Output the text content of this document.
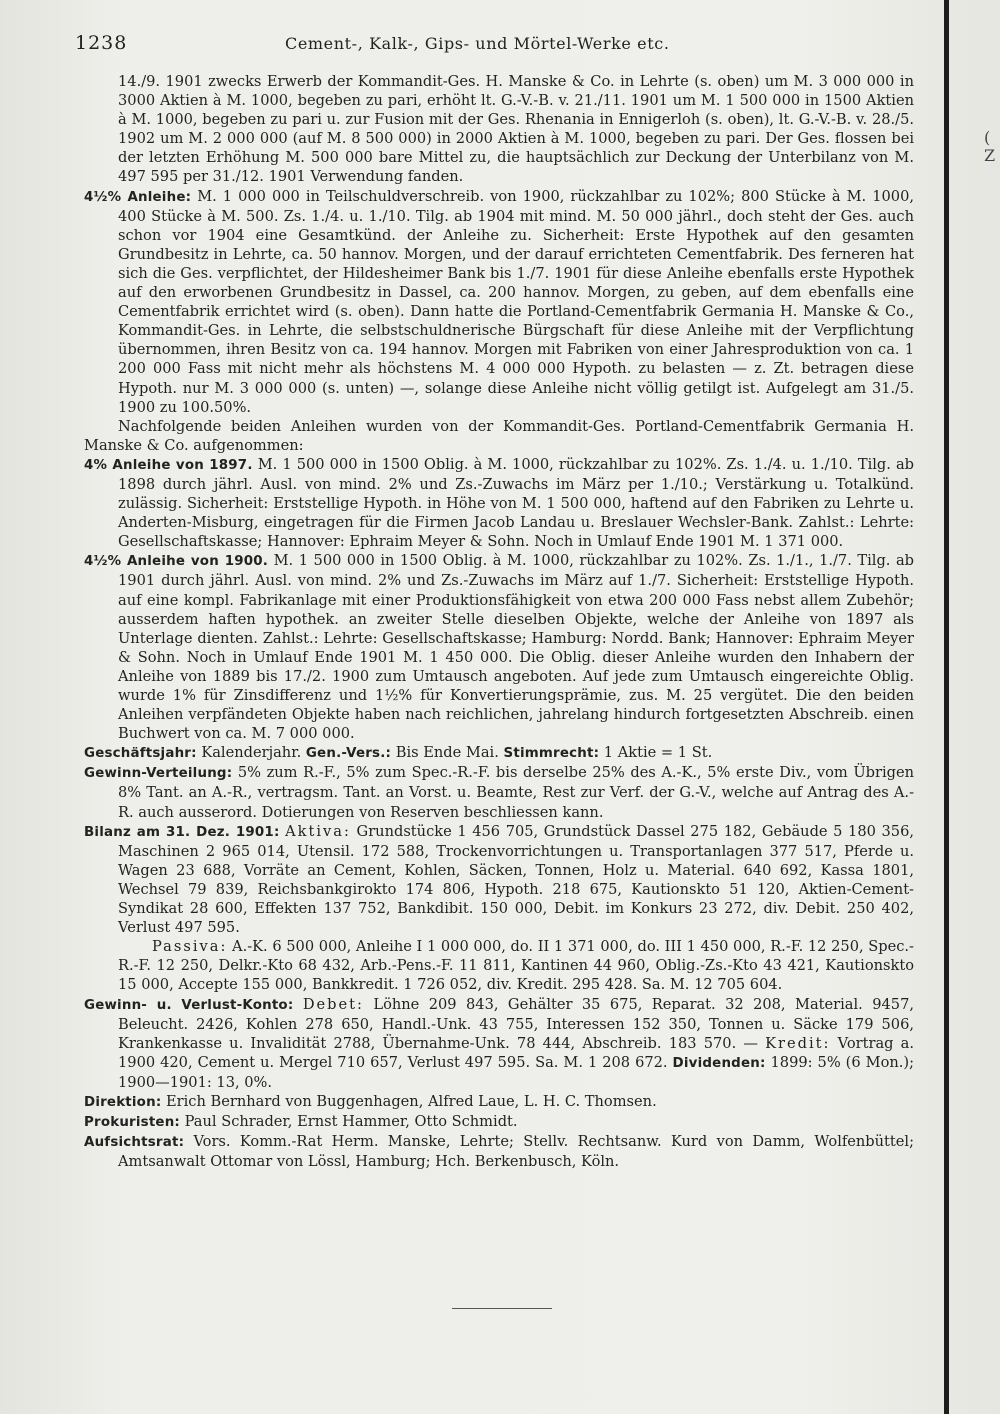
(
Z
1238	Cement-, Kalk-, Gips- und Mörtel-Werke etc.

14./9. 1901 zwecks Erwerb der Kommandit-Ges. H. Manske & Co. in Lehrte (s. oben) um M. 3 000 000 in 3000 Aktien à M. 1000, begeben zu pari, erhöht lt. G.-V.-B. v. 21./11. 1901 um M. 1 500 000 in 1500 Aktien à M. 1000, begeben zu pari u. zur Fusion mit der Ges. Rhenania in Ennigerloh (s. oben), lt. G.-V.-B. v. 28./5. 1902 um M. 2 000 000 (auf M. 8 500 000) in 2000 Aktien à M. 1000, begeben zu pari. Der Ges. flossen bei der letzten Erhöhung M. 500 000 bare Mittel zu, die hauptsächlich zur Deckung der Unterbilanz von M. 497 595 per 31./12. 1901 Verwendung fanden.

4½% Anleihe: M. 1 000 000 in Teilschuldverschreib. von 1900, rückzahlbar zu 102%; 800 Stücke à M. 1000, 400 Stücke à M. 500. Zs. 1./4. u. 1./10. Tilg. ab 1904 mit mind. M. 50 000 jährl., doch steht der Ges. auch schon vor 1904 eine Gesamtkünd. der Anleihe zu. Sicherheit: Erste Hypothek auf den gesamten Grundbesitz in Lehrte, ca. 50 hannov. Morgen, und der darauf errichteten Cementfabrik. Des ferneren hat sich die Ges. verpflichtet, der Hildesheimer Bank bis 1./7. 1901 für diese Anleihe ebenfalls erste Hypothek auf den erworbenen Grundbesitz in Dassel, ca. 200 hannov. Morgen, zu geben, auf dem ebenfalls eine Cementfabrik errichtet wird (s. oben). Dann hatte die Portland-Cementfabrik Germania H. Manske & Co., Kommandit-Ges. in Lehrte, die selbstschuldnerische Bürgschaft für diese Anleihe mit der Verpflichtung übernommen, ihren Besitz von ca. 194 hannov. Morgen mit Fabriken von einer Jahresproduktion von ca. 1 200 000 Fass mit nicht mehr als höchstens M. 4 000 000 Hypoth. zu belasten — z. Zt. betragen diese Hypoth. nur M. 3 000 000 (s. unten) —, solange diese Anleihe nicht völlig getilgt ist. Aufgelegt am 31./5. 1900 zu 100.50%.

Nachfolgende beiden Anleihen wurden von der Kommandit-Ges. Portland-Cementfabrik Germania H. Manske & Co. aufgenommen:

4% Anleihe von 1897. M. 1 500 000 in 1500 Oblig. à M. 1000, rückzahlbar zu 102%. Zs. 1./4. u. 1./10. Tilg. ab 1898 durch jährl. Ausl. von mind. 2% und Zs.-Zuwachs im März per 1./10.; Verstärkung u. Totalkünd. zulässig. Sicherheit: Erststellige Hypoth. in Höhe von M. 1 500 000, haftend auf den Fabriken zu Lehrte u. Anderten-Misburg, eingetragen für die Firmen Jacob Landau u. Breslauer Wechsler-Bank. Zahlst.: Lehrte: Gesellschaftskasse; Hannover: Ephraim Meyer & Sohn. Noch in Umlauf Ende 1901 M. 1 371 000.

4½% Anleihe von 1900. M. 1 500 000 in 1500 Oblig. à M. 1000, rückzahlbar zu 102%. Zs. 1./1., 1./7. Tilg. ab 1901 durch jährl. Ausl. von mind. 2% und Zs.-Zuwachs im März auf 1./7. Sicherheit: Erststellige Hypoth. auf eine kompl. Fabrikanlage mit einer Produktionsfähigkeit von etwa 200 000 Fass nebst allem Zubehör; ausserdem haften hypothek. an zweiter Stelle dieselben Objekte, welche der Anleihe von 1897 als Unterlage dienten. Zahlst.: Lehrte: Gesellschaftskasse; Hamburg: Nordd. Bank; Hannover: Ephraim Meyer & Sohn. Noch in Umlauf Ende 1901 M. 1 450 000. Die Oblig. dieser Anleihe wurden den Inhabern der Anleihe von 1889 bis 17./2. 1900 zum Umtausch angeboten. Auf jede zum Umtausch eingereichte Oblig. wurde 1% für Zinsdifferenz und 1½% für Konvertierungsprämie, zus. M. 25 vergütet. Die den beiden Anleihen verpfändeten Objekte haben nach reichlichen, jahrelang hindurch fortgesetzten Abschreib. einen Buchwert von ca. M. 7 000 000.

Geschäftsjahr: Kalenderjahr. Gen.-Vers.: Bis Ende Mai. Stimmrecht: 1 Aktie = 1 St.

Gewinn-Verteilung: 5% zum R.-F., 5% zum Spec.-R.-F. bis derselbe 25% des A.-K., 5% erste Div., vom Übrigen 8% Tant. an A.-R., vertragsm. Tant. an Vorst. u. Beamte, Rest zur Verf. der G.-V., welche auf Antrag des A.-R. auch ausserord. Dotierungen von Reserven beschliessen kann.

Bilanz am 31. Dez. 1901: Aktiva: Grundstücke 1 456 705, Grundstück Dassel 275 182, Gebäude 5 180 356, Maschinen 2 965 014, Utensil. 172 588, Trockenvorrichtungen u. Transportanlagen 377 517, Pferde u. Wagen 23 688, Vorräte an Cement, Kohlen, Säcken, Tonnen, Holz u. Material. 640 692, Kassa 1801, Wechsel 79 839, Reichsbankgirokto 174 806, Hypoth. 218 675, Kautionskto 51 120, Aktien-Cement-Syndikat 28 600, Effekten 137 752, Bankdibit. 150 000, Debit. im Konkurs 23 272, div. Debit. 250 402, Verlust 497 595.

Passiva: A.-K. 6 500 000, Anleihe I 1 000 000, do. II 1 371 000, do. III 1 450 000, R.-F. 12 250, Spec.-R.-F. 12 250, Delkr.-Kto 68 432, Arb.-Pens.-F. 11 811, Kantinen 44 960, Oblig.-Zs.-Kto 43 421, Kautionskto 15 000, Accepte 155 000, Bankkredit. 1 726 052, div. Kredit. 295 428. Sa. M. 12 705 604.

Gewinn- u. Verlust-Konto: Debet: Löhne 209 843, Gehälter 35 675, Reparat. 32 208, Material. 9457, Beleucht. 2426, Kohlen 278 650, Handl.-Unk. 43 755, Interessen 152 350, Tonnen u. Säcke 179 506, Krankenkasse u. Invalidität 2788, Übernahme-Unk. 78 444, Abschreib. 183 570. — Kredit: Vortrag a. 1900 420, Cement u. Mergel 710 657, Verlust 497 595. Sa. M. 1 208 672. Dividenden: 1899: 5% (6 Mon.); 1900—1901: 13, 0%.

Direktion: Erich Bernhard von Buggenhagen, Alfred Laue, L. H. C. Thomsen.

Prokuristen: Paul Schrader, Ernst Hammer, Otto Schmidt.

Aufsichtsrat: Vors. Komm.-Rat Herm. Manske, Lehrte; Stellv. Rechtsanw. Kurd von Damm, Wolfenbüttel; Amtsanwalt Ottomar von Lössl, Hamburg; Hch. Berkenbusch, Köln.
